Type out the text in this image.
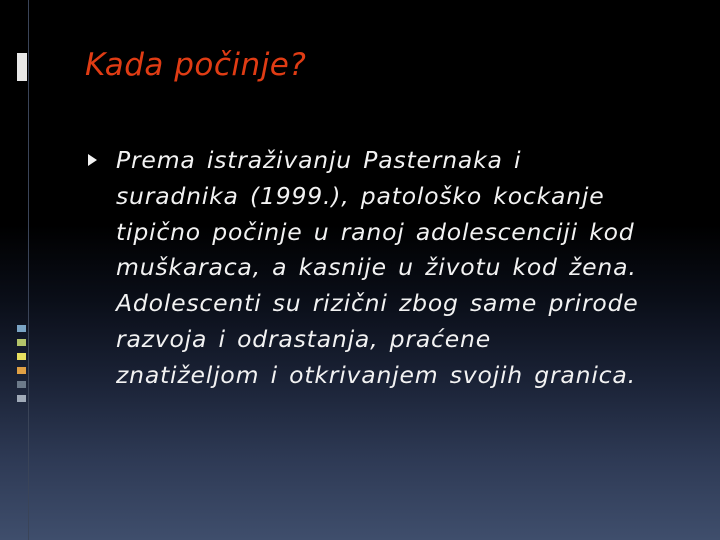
Kada počinje?

Prema istraživanju Pasternaka i
suradnika (1999.), patološko kockanje
tipično počinje u ranoj adolescenciji kod
muškaraca, a kasnije u životu kod žena.
Adolescenti su rizični zbog same prirode
razvoja i odrastanja, praćene
znatiželjom i otkrivanjem svojih granica.
